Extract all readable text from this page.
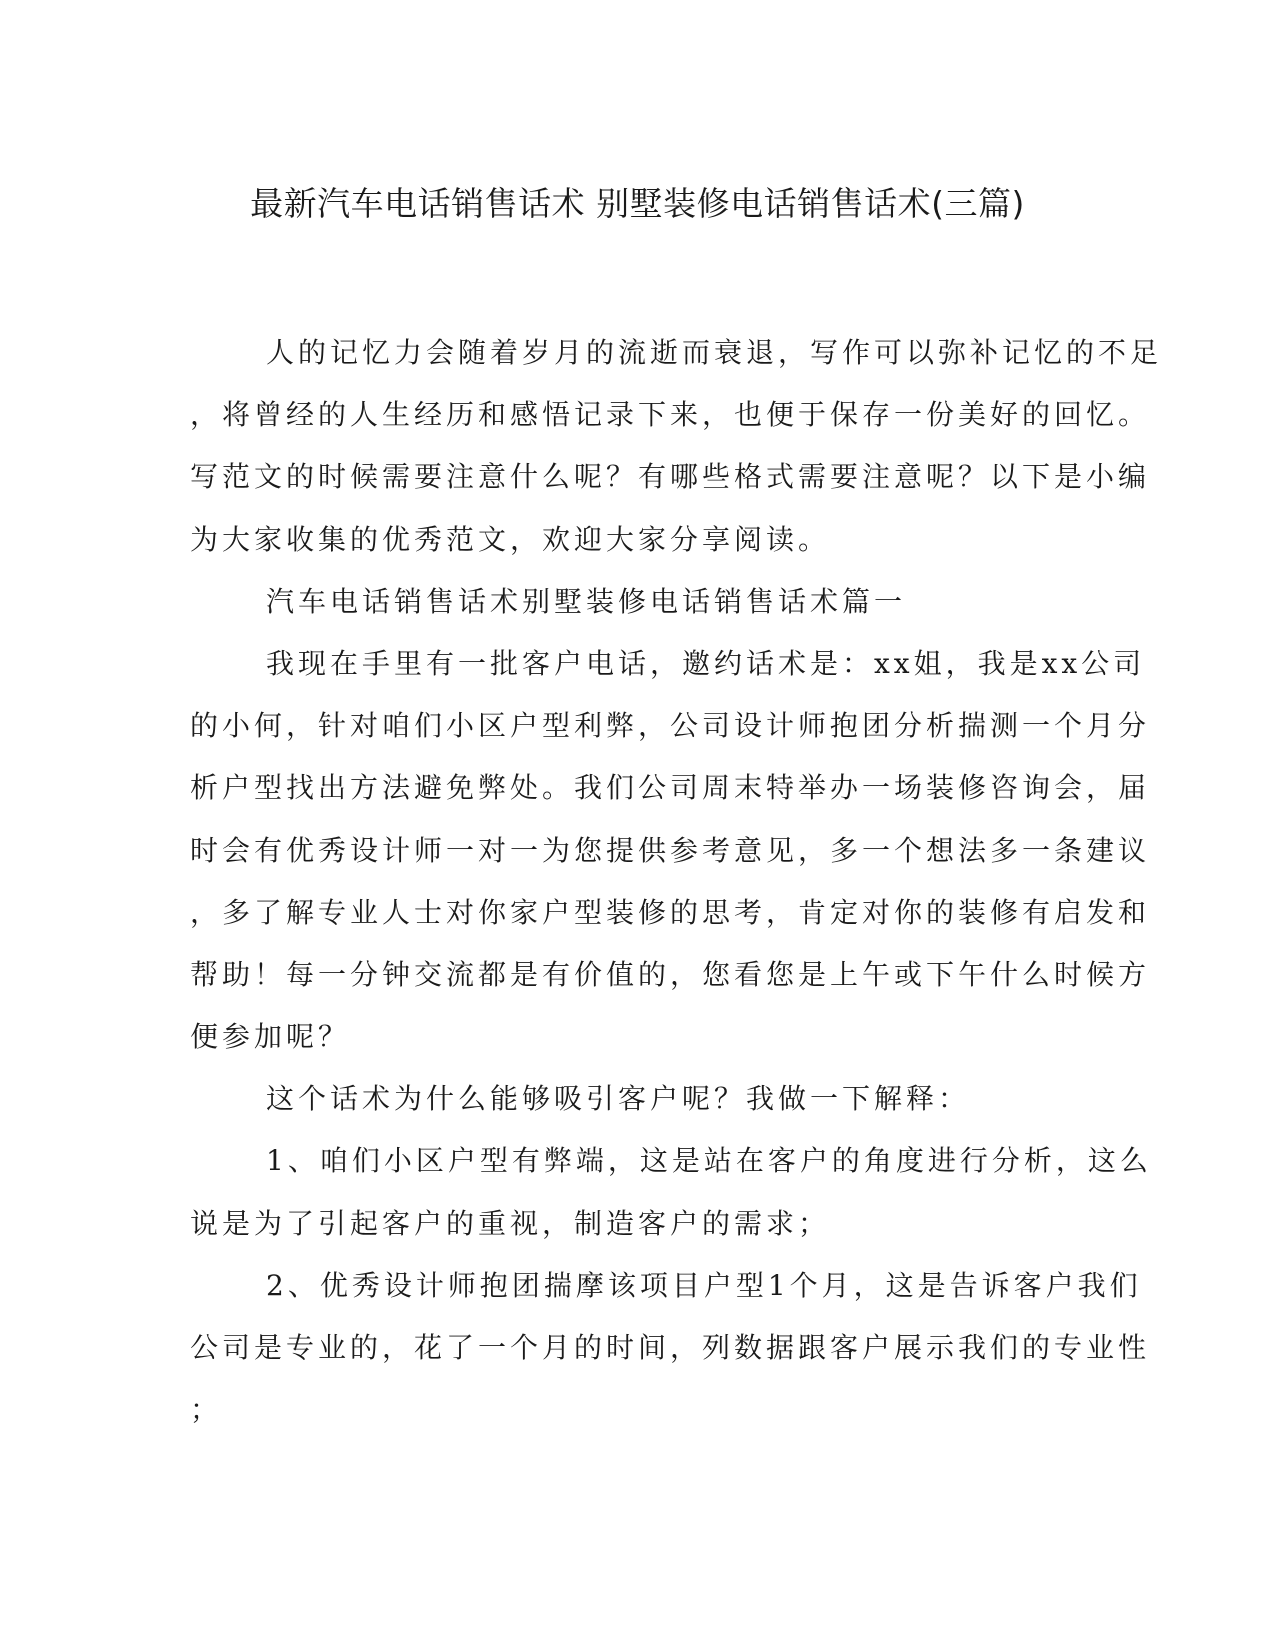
最新汽车电话销售话术 别墅装修电话销售话术(三篇)
人的记忆力会随着岁月的流逝而衰退，写作可以弥补记忆的不足
，将曾经的人生经历和感悟记录下来，也便于保存一份美好的回忆。
写范文的时候需要注意什么呢？有哪些格式需要注意呢？以下是小编
为大家收集的优秀范文，欢迎大家分享阅读。
汽车电话销售话术别墅装修电话销售话术篇一
我现在手里有一批客户电话，邀约话术是：xx姐，我是xx公司
的小何，针对咱们小区户型利弊，公司设计师抱团分析揣测一个月分
析户型找出方法避免弊处。我们公司周末特举办一场装修咨询会，届
时会有优秀设计师一对一为您提供参考意见，多一个想法多一条建议
，多了解专业人士对你家户型装修的思考，肯定对你的装修有启发和
帮助！每一分钟交流都是有价值的，您看您是上午或下午什么时候方
便参加呢？
这个话术为什么能够吸引客户呢？我做一下解释：
1、咱们小区户型有弊端，这是站在客户的角度进行分析，这么
说是为了引起客户的重视，制造客户的需求；
2、优秀设计师抱团揣摩该项目户型1个月，这是告诉客户我们
公司是专业的，花了一个月的时间，列数据跟客户展示我们的专业性
；
